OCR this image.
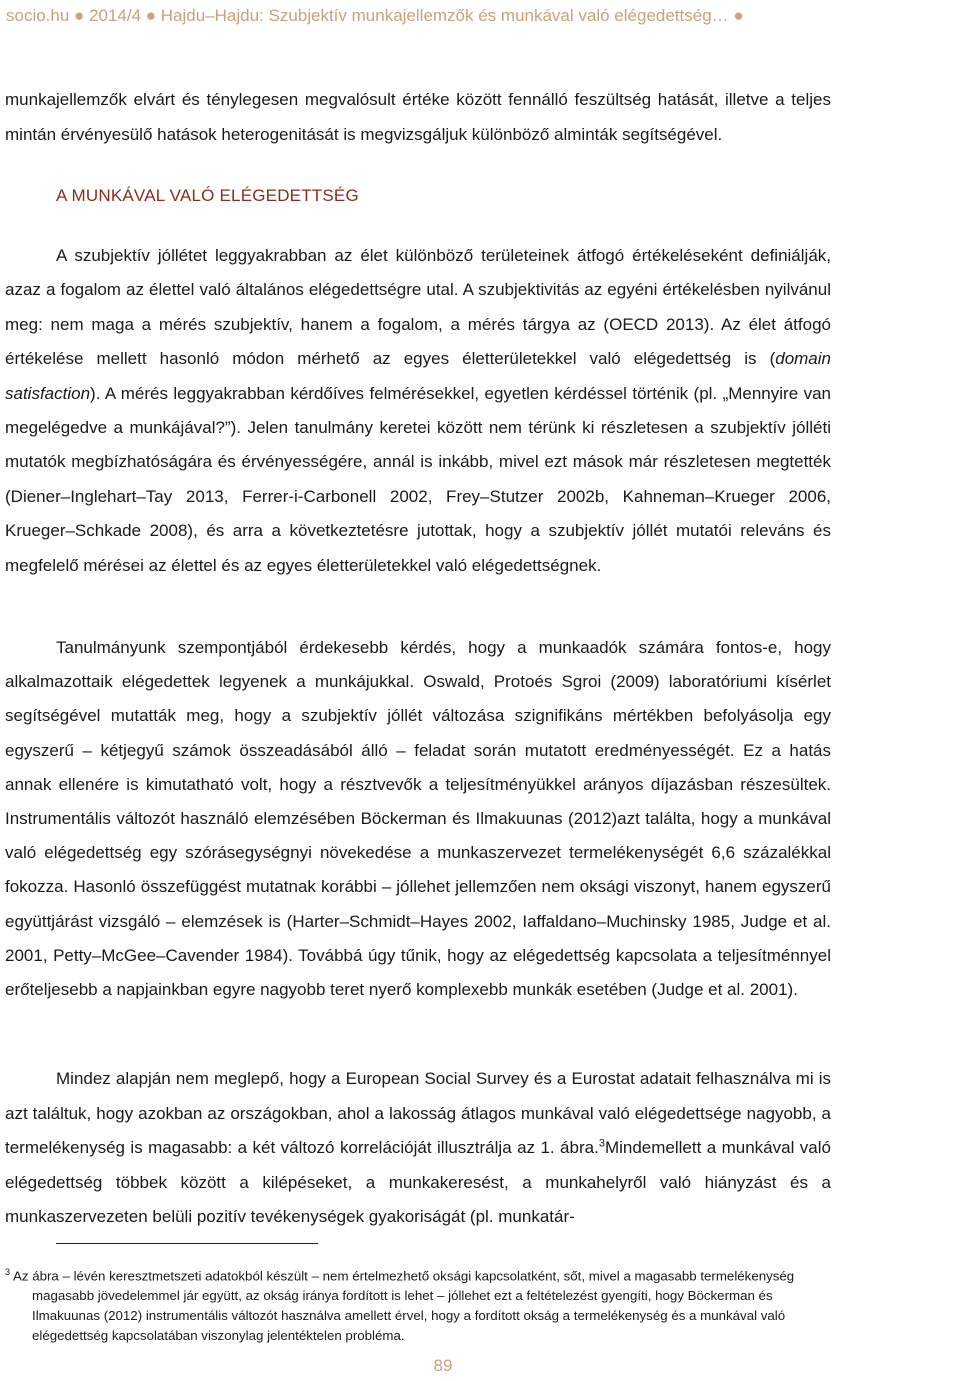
socio.hu ● 2014/4 ● Hajdu–Hajdu: Szubjektív munkajellemzők és munkával való elégedettség… ●

munkajellemzők elvárt és ténylegesen megvalósult értéke között fennálló feszültség hatását, illetve a teljes mintán érvényesülő hatások heterogenitását is megvizsgáljuk különböző alminták segítségével.

A MUNKÁVAL VALÓ ELÉGEDETTSÉG

A szubjektív jóllétet leggyakrabban az élet különböző területeinek átfogó értékeléseként definiálják, azaz a fogalom az élettel való általános elégedettségre utal. A szubjektivitás az egyéni értékelésben nyilvánul meg: nem maga a mérés szubjektív, hanem a fogalom, a mérés tárgya az (OECD 2013). Az élet átfogó értékelése mellett hasonló módon mérhető az egyes életterületekkel való elégedettség is (domain satisfaction). A mérés leggyakrabban kérdőíves felmérésekkel, egyetlen kérdéssel történik (pl. „Mennyire van megelégedve a munkájával?”). Jelen tanulmány keretei között nem térünk ki részletesen a szubjektív jólléti mutatók megbízhatóságára és érvényességére, annál is inkább, mivel ezt mások már részletesen megtették (Diener–Inglehart–Tay 2013, Ferrer-i-Carbonell 2002, Frey–Stutzer 2002b, Kahneman–Krueger 2006, Krueger–Schkade 2008), és arra a következtetésre jutottak, hogy a szubjektív jóllét mutatói releváns és megfelelő mérései az élettel és az egyes életterületekkel való elégedettségnek.

Tanulmányunk szempontjából érdekesebb kérdés, hogy a munkaadók számára fontos-e, hogy alkalmazottaik elégedettek legyenek a munkájukkal. Oswald, Protoés Sgroi (2009) laboratóriumi kísérlet segítségével mutatták meg, hogy a szubjektív jóllét változása szignifikáns mértékben befolyásolja egy egyszerű – kétjegyű számok összeadásából álló – feladat során mutatott eredményességét. Ez a hatás annak ellenére is kimutatható volt, hogy a résztvevők a teljesítményükkel arányos díjazásban részesültek. Instrumentális változót használó elemzésében Böckerman és Ilmakuunas (2012)azt találta, hogy a munkával való elégedettség egy szórásegységnyi növekedése a munkaszervezet termelékenységét 6,6 százalékkal fokozza. Hasonló összefüggést mutatnak korábbi – jóllehet jellemzően nem oksági viszonyt, hanem egyszerű együttjárást vizsgáló – elemzések is (Harter–Schmidt–Hayes 2002, Iaffaldano–Muchinsky 1985, Judge et al. 2001, Petty–McGee–Cavender 1984). Továbbá úgy tűnik, hogy az elégedettség kapcsolata a teljesítménnyel erőteljesebb a napjainkban egyre nagyobb teret nyerő komplexebb munkák esetében (Judge et al. 2001).

Mindez alapján nem meglepő, hogy a European Social Survey és a Eurostat adatait felhasználva mi is azt találtuk, hogy azokban az országokban, ahol a lakosság átlagos munkával való elégedettsége nagyobb, a termelékenység is magasabb: a két változó korrelációját illusztrálja az 1. ábra.$^3$Mindemellett a munkával való elégedettség többek között a kilépéseket, a munkakeresést, a munkahelyről való hiányzást és a munkaszervezeten belüli pozitív tevékenységek gyakoriságát (pl. munkatár-

$^3$ Az ábra – lévén keresztmetszeti adatokból készült – nem értelmezhető oksági kapcsolatként, sőt, mivel a magasabb termelékenység magasabb jövedelemmel jár együtt, az okság iránya fordított is lehet – jóllehet ezt a feltételezést gyengíti, hogy Böckerman és Ilmakuunas (2012) instrumentális változót használva amellett érvel, hogy a fordított okság a termelékenység és a munkával való elégedettség kapcsolatában viszonylag jelentéktelen probléma.

89
